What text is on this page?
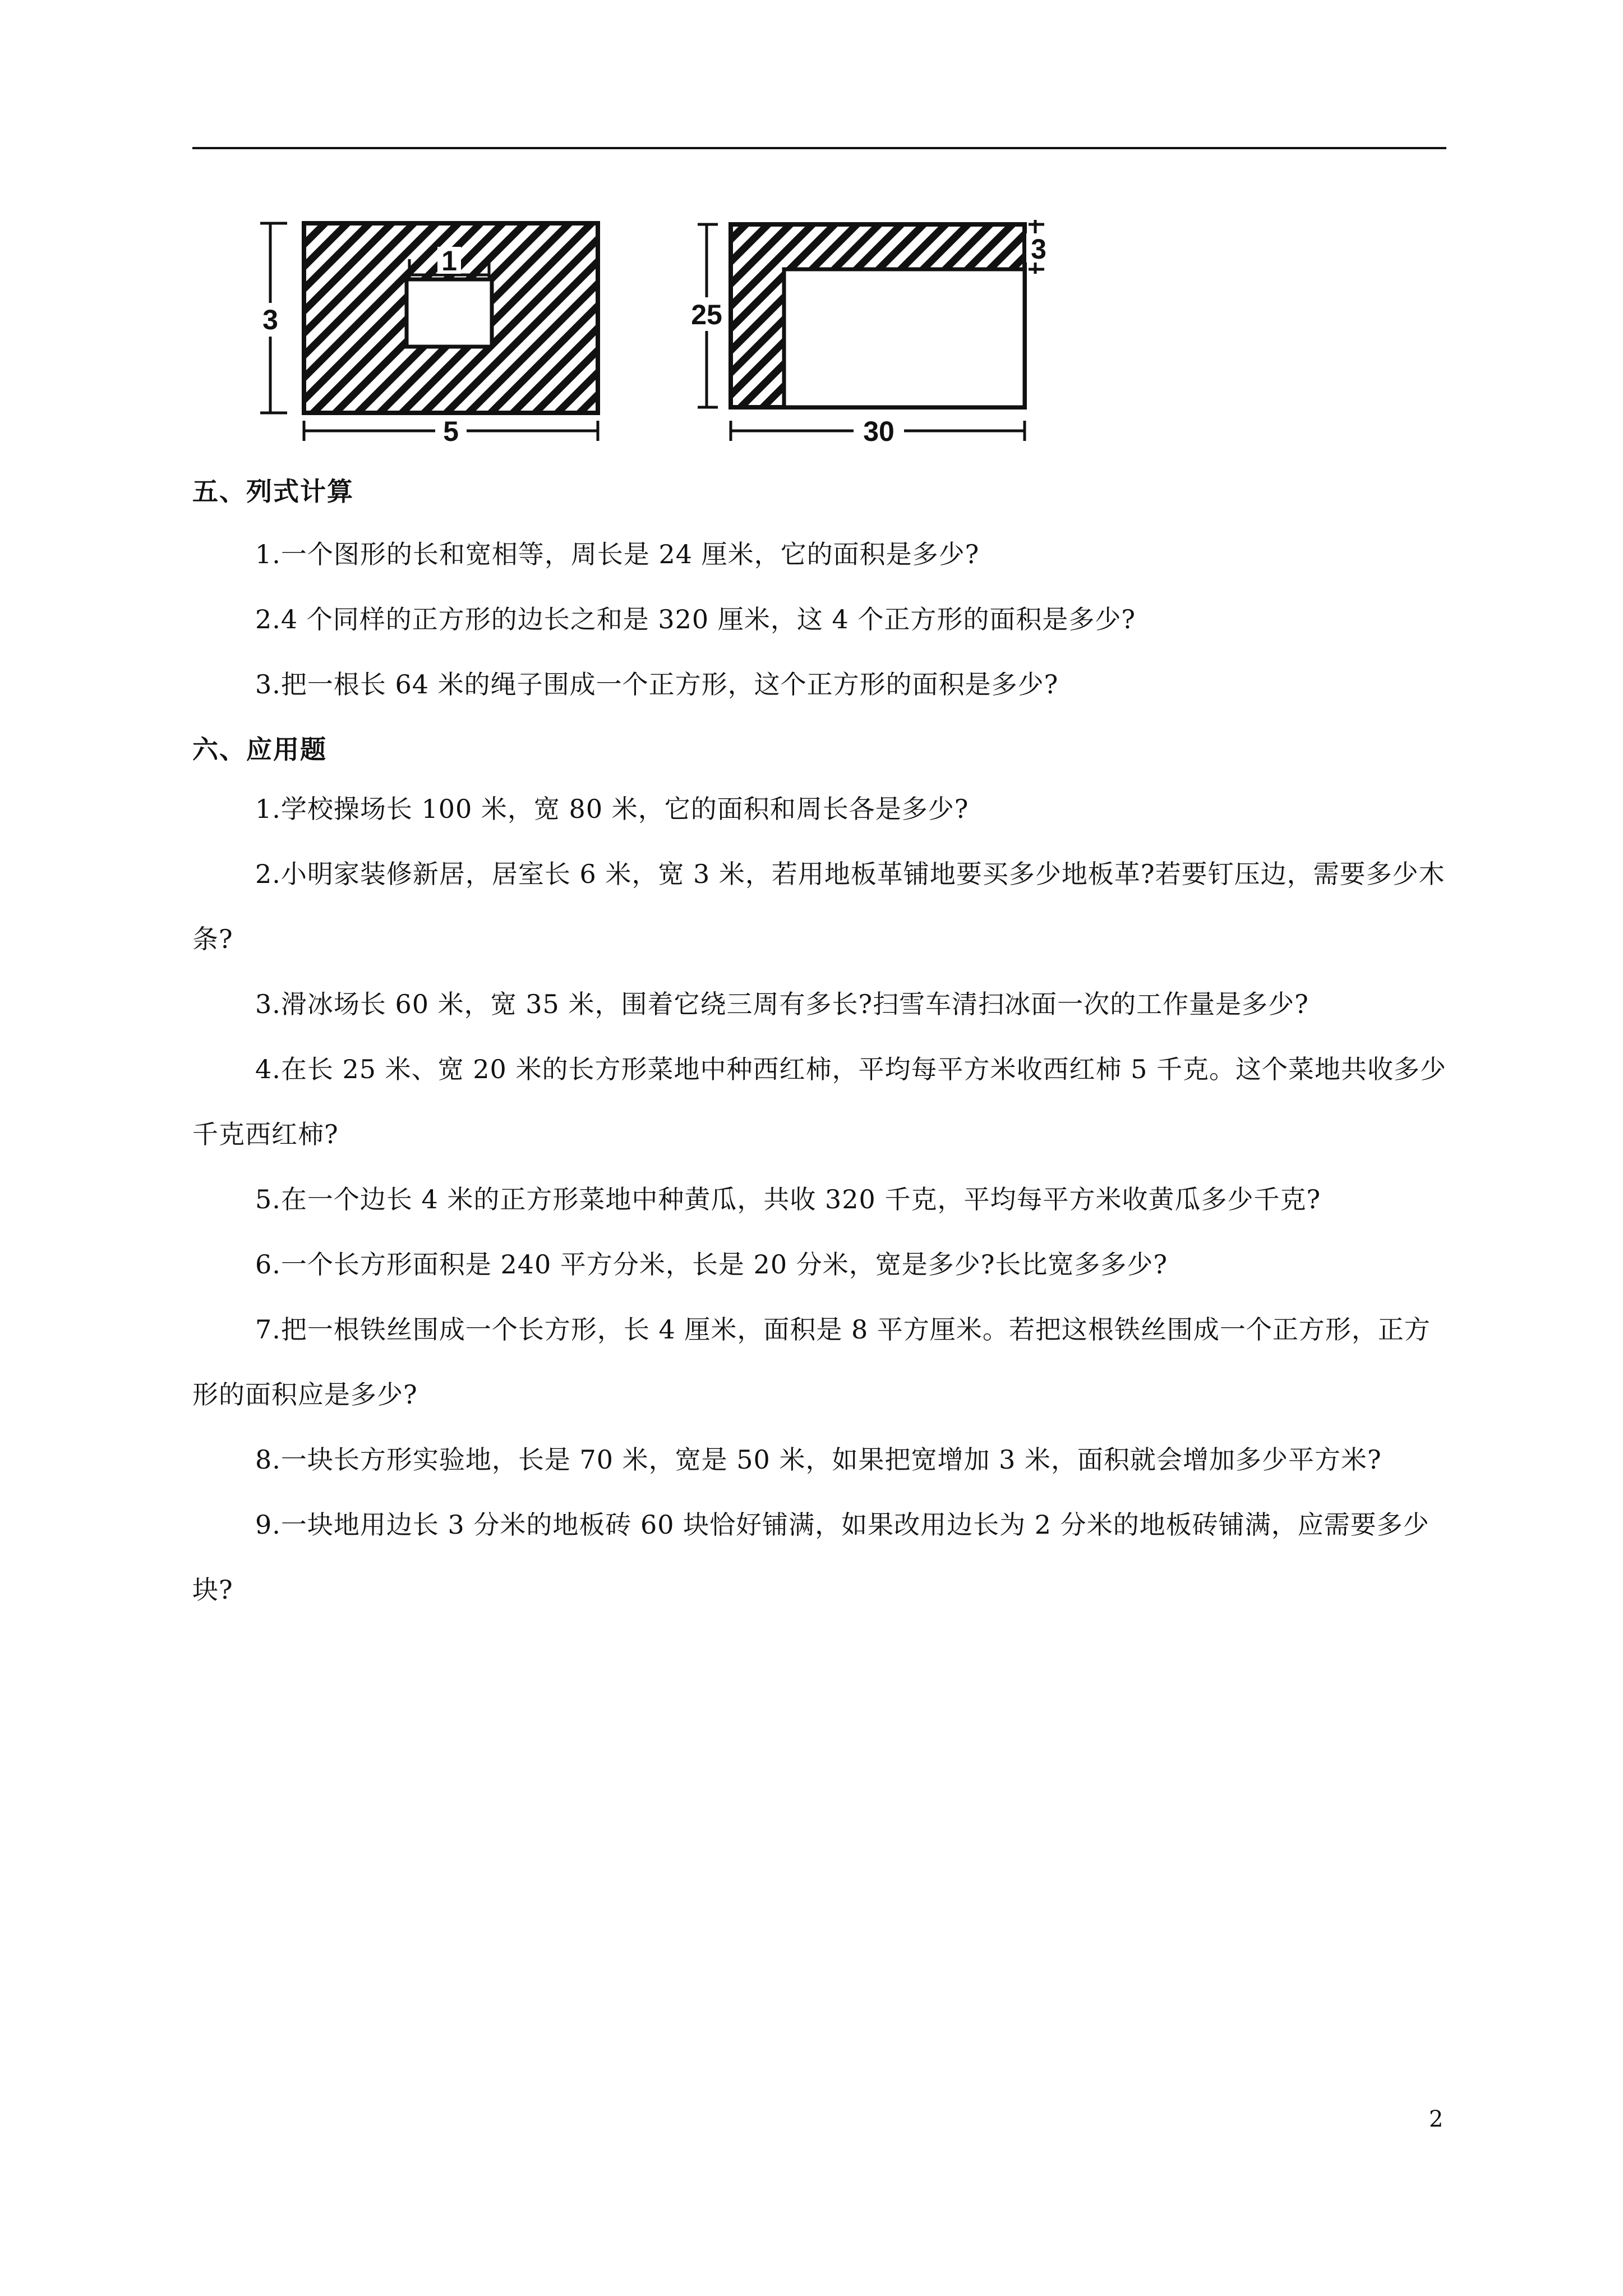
1
3
5
25
3
30
五、列式计算

1.一个图形的长和宽相等，周长是 24 厘米，它的面积是多少?

2.4 个同样的正方形的边长之和是 320 厘米，这 4 个正方形的面积是多少?

3.把一根长 64 米的绳子围成一个正方形，这个正方形的面积是多少?

六、应用题

1.学校操场长 100 米，宽 80 米，它的面积和周长各是多少?

2.小明家装修新居，居室长 6 米，宽 3 米，若用地板革铺地要买多少地板革?若要钉压边，需要多少木条?

3.滑冰场长 60 米，宽 35 米，围着它绕三周有多长?扫雪车清扫冰面一次的工作量是多少?

4.在长 25 米、宽 20 米的长方形菜地中种西红柿，平均每平方米收西红柿 5 千克。这个菜地共收多少千克西红柿?

5.在一个边长 4 米的正方形菜地中种黄瓜，共收 320 千克，平均每平方米收黄瓜多少千克?

6.一个长方形面积是 240 平方分米，长是 20 分米，宽是多少?长比宽多多少?

7.把一根铁丝围成一个长方形，长 4 厘米，面积是 8 平方厘米。若把这根铁丝围成一个正方形，正方形的面积应是多少?

8.一块长方形实验地，长是 70 米，宽是 50 米，如果把宽增加 3 米，面积就会增加多少平方米?

9.一块地用边长 3 分米的地板砖 60 块恰好铺满，如果改用边长为 2 分米的地板砖铺满，应需要多少块?

2
